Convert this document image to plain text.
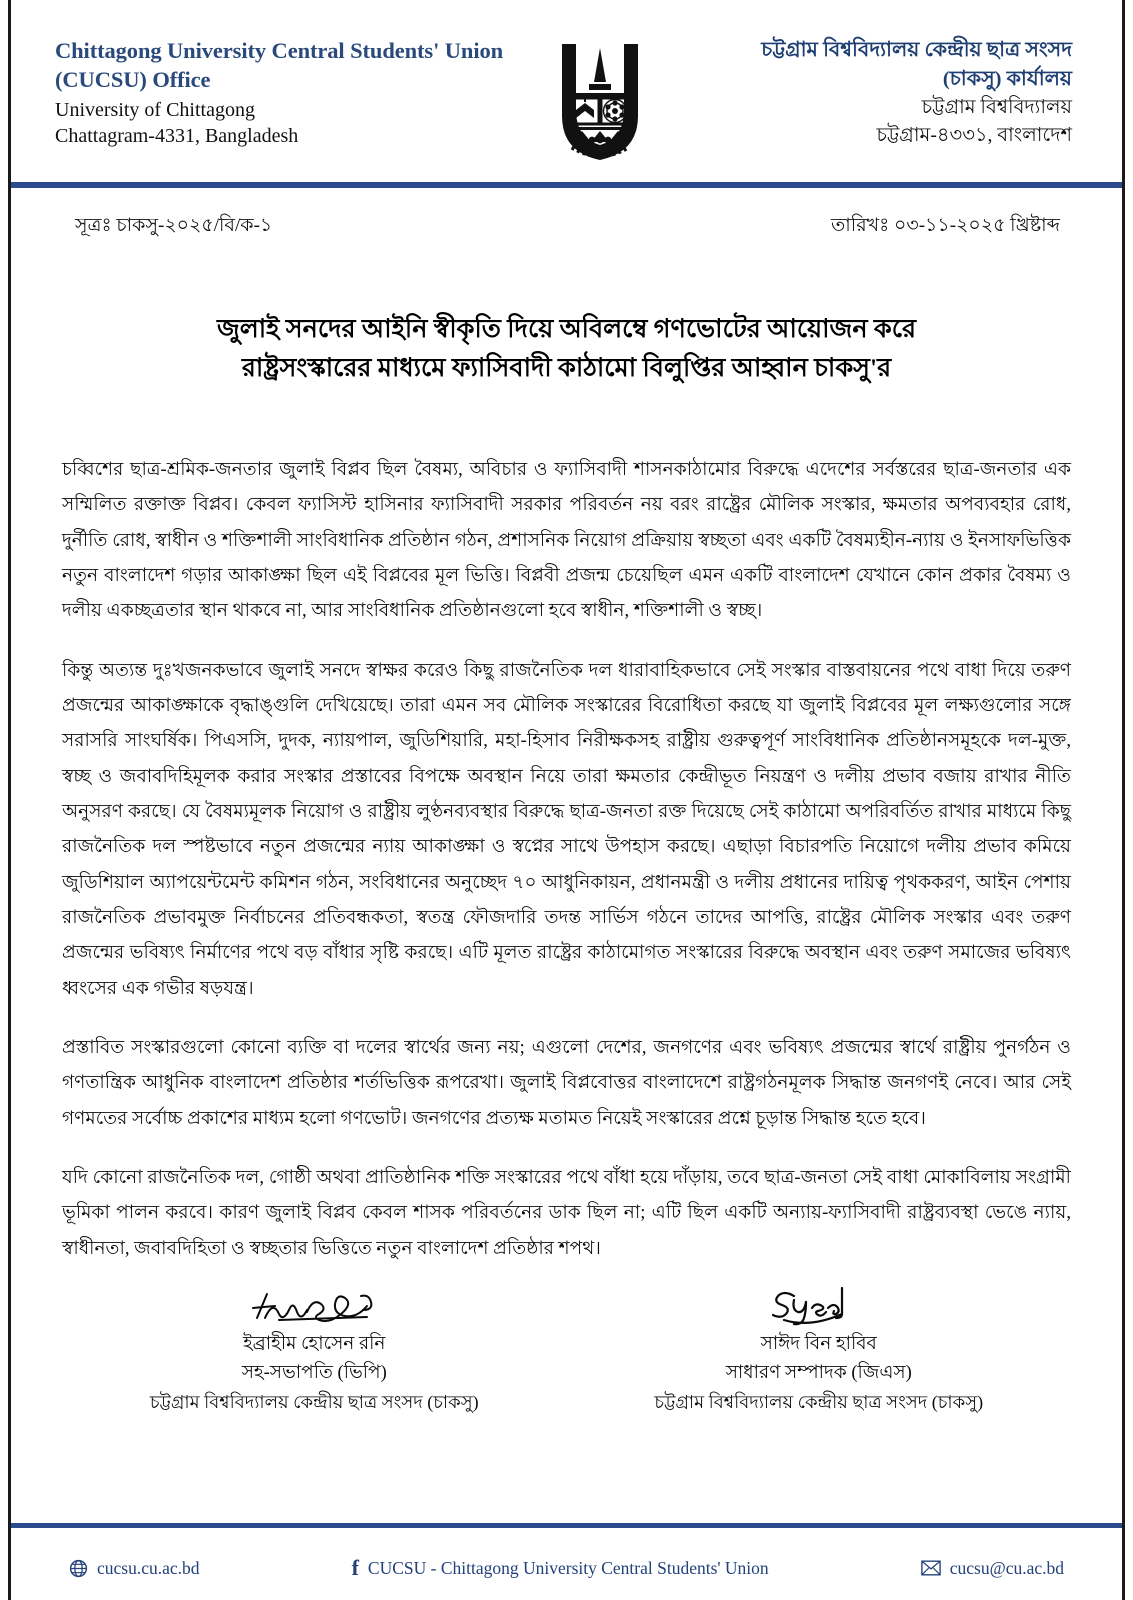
Chittagong University Central Students' Union
(CUCSU) Office
University of Chittagong
Chattagram-4331, Bangladesh
চট্টগ্রাম বিশ্ববিদ্যালয় কেন্দ্রীয় ছাত্র সংসদ
(চাকসু) কার্যালয়
চট্টগ্রাম বিশ্ববিদ্যালয়
চট্টগ্রাম-৪৩৩১, বাংলাদেশ
সূত্রঃ চাকসু-২০২৫/বি/ক-১	তারিখঃ ০৩-১১-২০২৫ খ্রিষ্টাব্দ
জুলাই সনদের আইনি স্বীকৃতি দিয়ে অবিলম্বে গণভোটের আয়োজন করে
রাষ্ট্রসংস্কারের মাধ্যমে ফ্যাসিবাদী কাঠামো বিলুপ্তির আহ্বান চাকসু'র

চব্বিশের ছাত্র-শ্রমিক-জনতার জুলাই বিপ্লব ছিল বৈষম্য, অবিচার ও ফ্যাসিবাদী শাসনকাঠামোর বিরুদ্ধে এদেশের সর্বস্তরের ছাত্র-জনতার এক সম্মিলিত রক্তাক্ত বিপ্লব। কেবল ফ্যাসিস্ট হাসিনার ফ্যাসিবাদী সরকার পরিবর্তন নয় বরং রাষ্ট্রের মৌলিক সংস্কার, ক্ষমতার অপব্যবহার রোধ, দুর্নীতি রোধ, স্বাধীন ও শক্তিশালী সাংবিধানিক প্রতিষ্ঠান গঠন, প্রশাসনিক নিয়োগ প্রক্রিয়ায় স্বচ্ছতা এবং একটি বৈষম্যহীন-ন্যায় ও ইনসাফভিত্তিক নতুন বাংলাদেশ গড়ার আকাঙ্ক্ষা ছিল এই বিপ্লবের মূল ভিত্তি। বিপ্লবী প্রজন্ম চেয়েছিল এমন একটি বাংলাদেশ যেখানে কোন প্রকার বৈষম্য ও দলীয় একচ্ছত্রতার স্থান থাকবে না, আর সাংবিধানিক প্রতিষ্ঠানগুলো হবে স্বাধীন, শক্তিশালী ও স্বচ্ছ।

কিন্তু অত্যন্ত দুঃখজনকভাবে জুলাই সনদে স্বাক্ষর করেও কিছু রাজনৈতিক দল ধারাবাহিকভাবে সেই সংস্কার বাস্তবায়নের পথে বাধা দিয়ে তরুণ প্রজন্মের আকাঙ্ক্ষাকে বৃদ্ধাঙ্গুলি দেখিয়েছে। তারা এমন সব মৌলিক সংস্কারের বিরোধিতা করছে যা জুলাই বিপ্লবের মূল লক্ষ্যগুলোর সঙ্গে সরাসরি সাংঘর্ষিক। পিএসসি, দুদক, ন্যায়পাল, জুডিশিয়ারি, মহা-হিসাব নিরীক্ষকসহ রাষ্ট্রীয় গুরুত্বপূর্ণ সাংবিধানিক প্রতিষ্ঠানসমূহকে দল-মুক্ত, স্বচ্ছ ও জবাবদিহিমূলক করার সংস্কার প্রস্তাবের বিপক্ষে অবস্থান নিয়ে তারা ক্ষমতার কেন্দ্রীভূত নিয়ন্ত্রণ ও দলীয় প্রভাব বজায় রাখার নীতি অনুসরণ করছে। যে বৈষম্যমূলক নিয়োগ ও রাষ্ট্রীয় লুণ্ঠনব্যবস্থার বিরুদ্ধে ছাত্র-জনতা রক্ত দিয়েছে সেই কাঠামো অপরিবর্তিত রাখার মাধ্যমে কিছু রাজনৈতিক দল স্পষ্টভাবে নতুন প্রজন্মের ন্যায় আকাঙ্ক্ষা ও স্বপ্নের সাথে উপহাস করছে। এছাড়া বিচারপতি নিয়োগে দলীয় প্রভাব কমিয়ে জুডিশিয়াল অ্যাপয়েন্টমেন্ট কমিশন গঠন, সংবিধানের অনুচ্ছেদ ৭০ আধুনিকায়ন, প্রধানমন্ত্রী ও দলীয় প্রধানের দায়িত্ব পৃথককরণ, আইন পেশায় রাজনৈতিক প্রভাবমুক্ত নির্বাচনের প্রতিবন্ধকতা, স্বতন্ত্র ফৌজদারি তদন্ত সার্ভিস গঠনে তাদের আপত্তি, রাষ্ট্রের মৌলিক সংস্কার এবং তরুণ প্রজন্মের ভবিষ্যৎ নির্মাণের পথে বড় বাঁধার সৃষ্টি করছে। এটি মূলত রাষ্ট্রের কাঠামোগত সংস্কারের বিরুদ্ধে অবস্থান এবং তরুণ সমাজের ভবিষ্যৎ ধ্বংসের এক গভীর ষড়যন্ত্র।

প্রস্তাবিত সংস্কারগুলো কোনো ব্যক্তি বা দলের স্বার্থের জন্য নয়; এগুলো দেশের, জনগণের এবং ভবিষ্যৎ প্রজন্মের স্বার্থে রাষ্ট্রীয় পুনর্গঠন ও গণতান্ত্রিক আধুনিক বাংলাদেশ প্রতিষ্ঠার শর্তভিত্তিক রূপরেখা। জুলাই বিপ্লবোত্তর বাংলাদেশে রাষ্ট্রগঠনমূলক সিদ্ধান্ত জনগণই নেবে। আর সেই গণমতের সর্বোচ্চ প্রকাশের মাধ্যম হলো গণভোট। জনগণের প্রত্যক্ষ মতামত নিয়েই সংস্কারের প্রশ্নে চূড়ান্ত সিদ্ধান্ত হতে হবে।

যদি কোনো রাজনৈতিক দল, গোষ্ঠী অথবা প্রাতিষ্ঠানিক শক্তি সংস্কারের পথে বাঁধা হয়ে দাঁড়ায়, তবে ছাত্র-জনতা সেই বাধা মোকাবিলায় সংগ্রামী ভূমিকা পালন করবে। কারণ জুলাই বিপ্লব কেবল শাসক পরিবর্তনের ডাক ছিল না; এটি ছিল একটি অন্যায়-ফ্যাসিবাদী রাষ্ট্রব্যবস্থা ভেঙে ন্যায়, স্বাধীনতা, জবাবদিহিতা ও স্বচ্ছতার ভিত্তিতে নতুন বাংলাদেশ প্রতিষ্ঠার শপথ।

ইব্রাহীম হোসেন রনি
সহ-সভাপতি (ভিপি)
চট্টগ্রাম বিশ্ববিদ্যালয় কেন্দ্রীয় ছাত্র সংসদ (চাকসু)
সাঈদ বিন হাবিব
সাধারণ সম্পাদক (জিএস)
চট্টগ্রাম বিশ্ববিদ্যালয় কেন্দ্রীয় ছাত্র সংসদ (চাকসু)
cucsu.cu.ac.bd	f CUCSU - Chittagong University Central Students' Union	cucsu@cu.ac.bd
